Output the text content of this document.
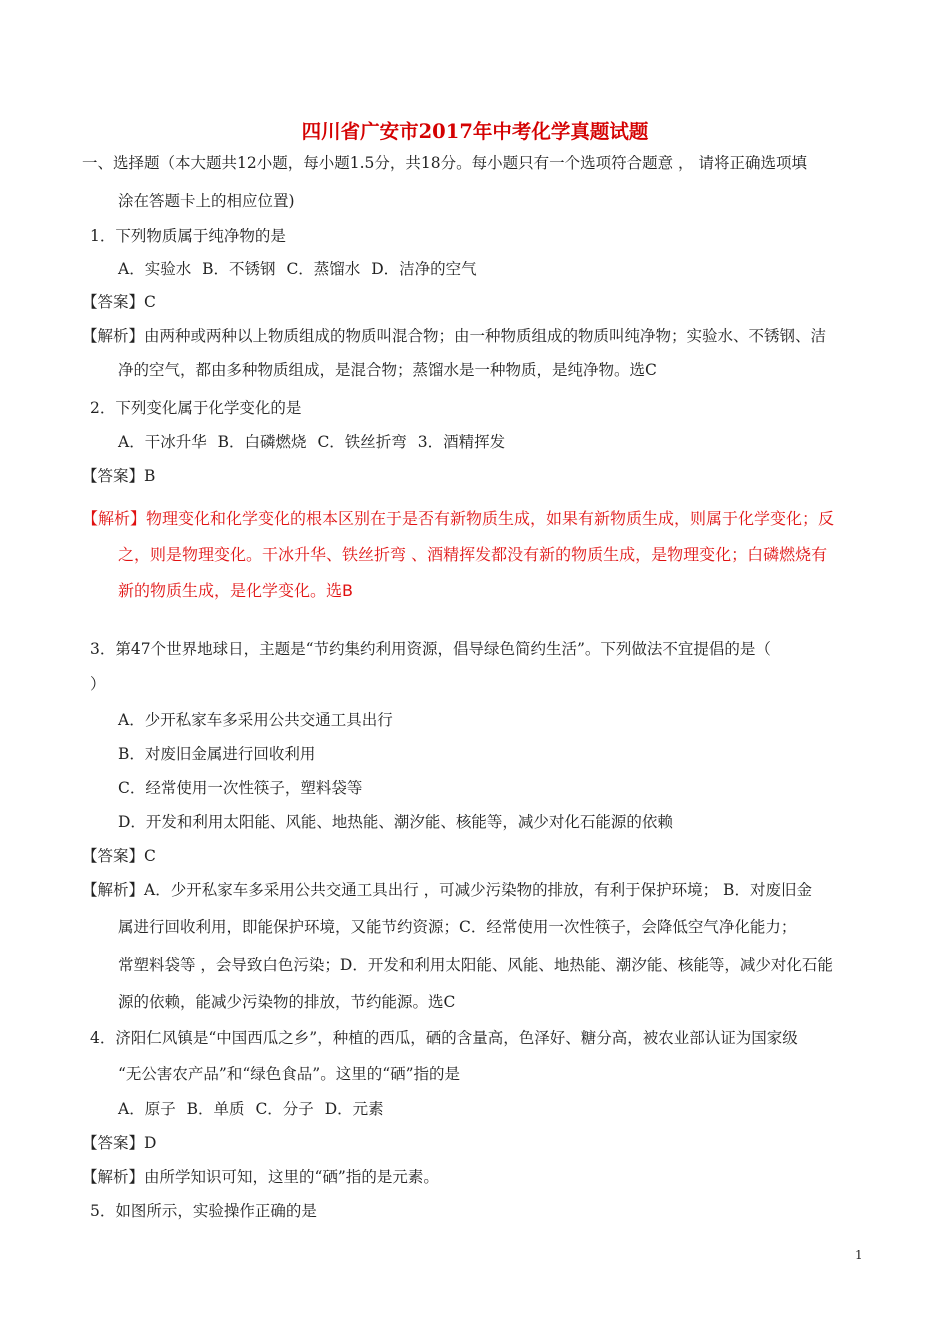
四川省广安市2017年中考化学真题试题
一、选择题（本大题共12小题，每小题1.5分，共18分。每小题只有一个选项符合题意 ， 请将正确选项填
涂在答题卡上的相应位置)
1．下列物质属于纯净物的是
A．实验水 B．不锈钢 C．蒸馏水 D．洁净的空气
【答案】C
【解析】由两种或两种以上物质组成的物质叫混合物；由一种物质组成的物质叫纯净物；实验水、不锈钢、洁
净的空气，都由多种物质组成，是混合物；蒸馏水是一种物质，是纯净物。选C
2．下列变化属于化学变化的是
A．干冰升华 B．白磷燃烧 C．铁丝折弯 3．酒精挥发
【答案】B
【解析】物理变化和化学变化的根本区别在于是否有新物质生成，如果有新物质生成，则属于化学变化；反
之，则是物理变化。干冰升华、铁丝折弯 、酒精挥发都没有新的物质生成，是物理变化；白磷燃烧有
新的物质生成，是化学变化。选B
3．第47个世界地球日，主题是“节约集约利用资源，倡导绿色简约生活”。下列做法不宜提倡的是（
）
A．少开私家车多采用公共交通工具出行
B．对废旧金属进行回收利用
C．经常使用一次性筷子，塑料袋等
D．开发和利用太阳能、风能、地热能、潮汐能、核能等，减少对化石能源的依赖
【答案】C
【解析】A．少开私家车多采用公共交通工具出行 ，可减少污染物的排放，有利于保护环境； B．对废旧金
属进行回收利用，即能保护环境，又能节约资源；C．经常使用一次性筷子，会降低空气净化能力；
常塑料袋等 ，会导致白色污染；D．开发和利用太阳能、风能、地热能、潮汐能、核能等，减少对化石能
源的依赖，能减少污染物的排放，节约能源。选C
4．济阳仁风镇是“中国西瓜之乡”，种植的西瓜，硒的含量高，色泽好、糖分高，被农业部认证为国家级
“无公害农产品”和“绿色食品”。这里的“硒”指的是
A．原子 B．单质 C．分子 D．元素
【答案】D
【解析】由所学知识可知，这里的“硒”指的是元素。
5．如图所示，实验操作正确的是
1
